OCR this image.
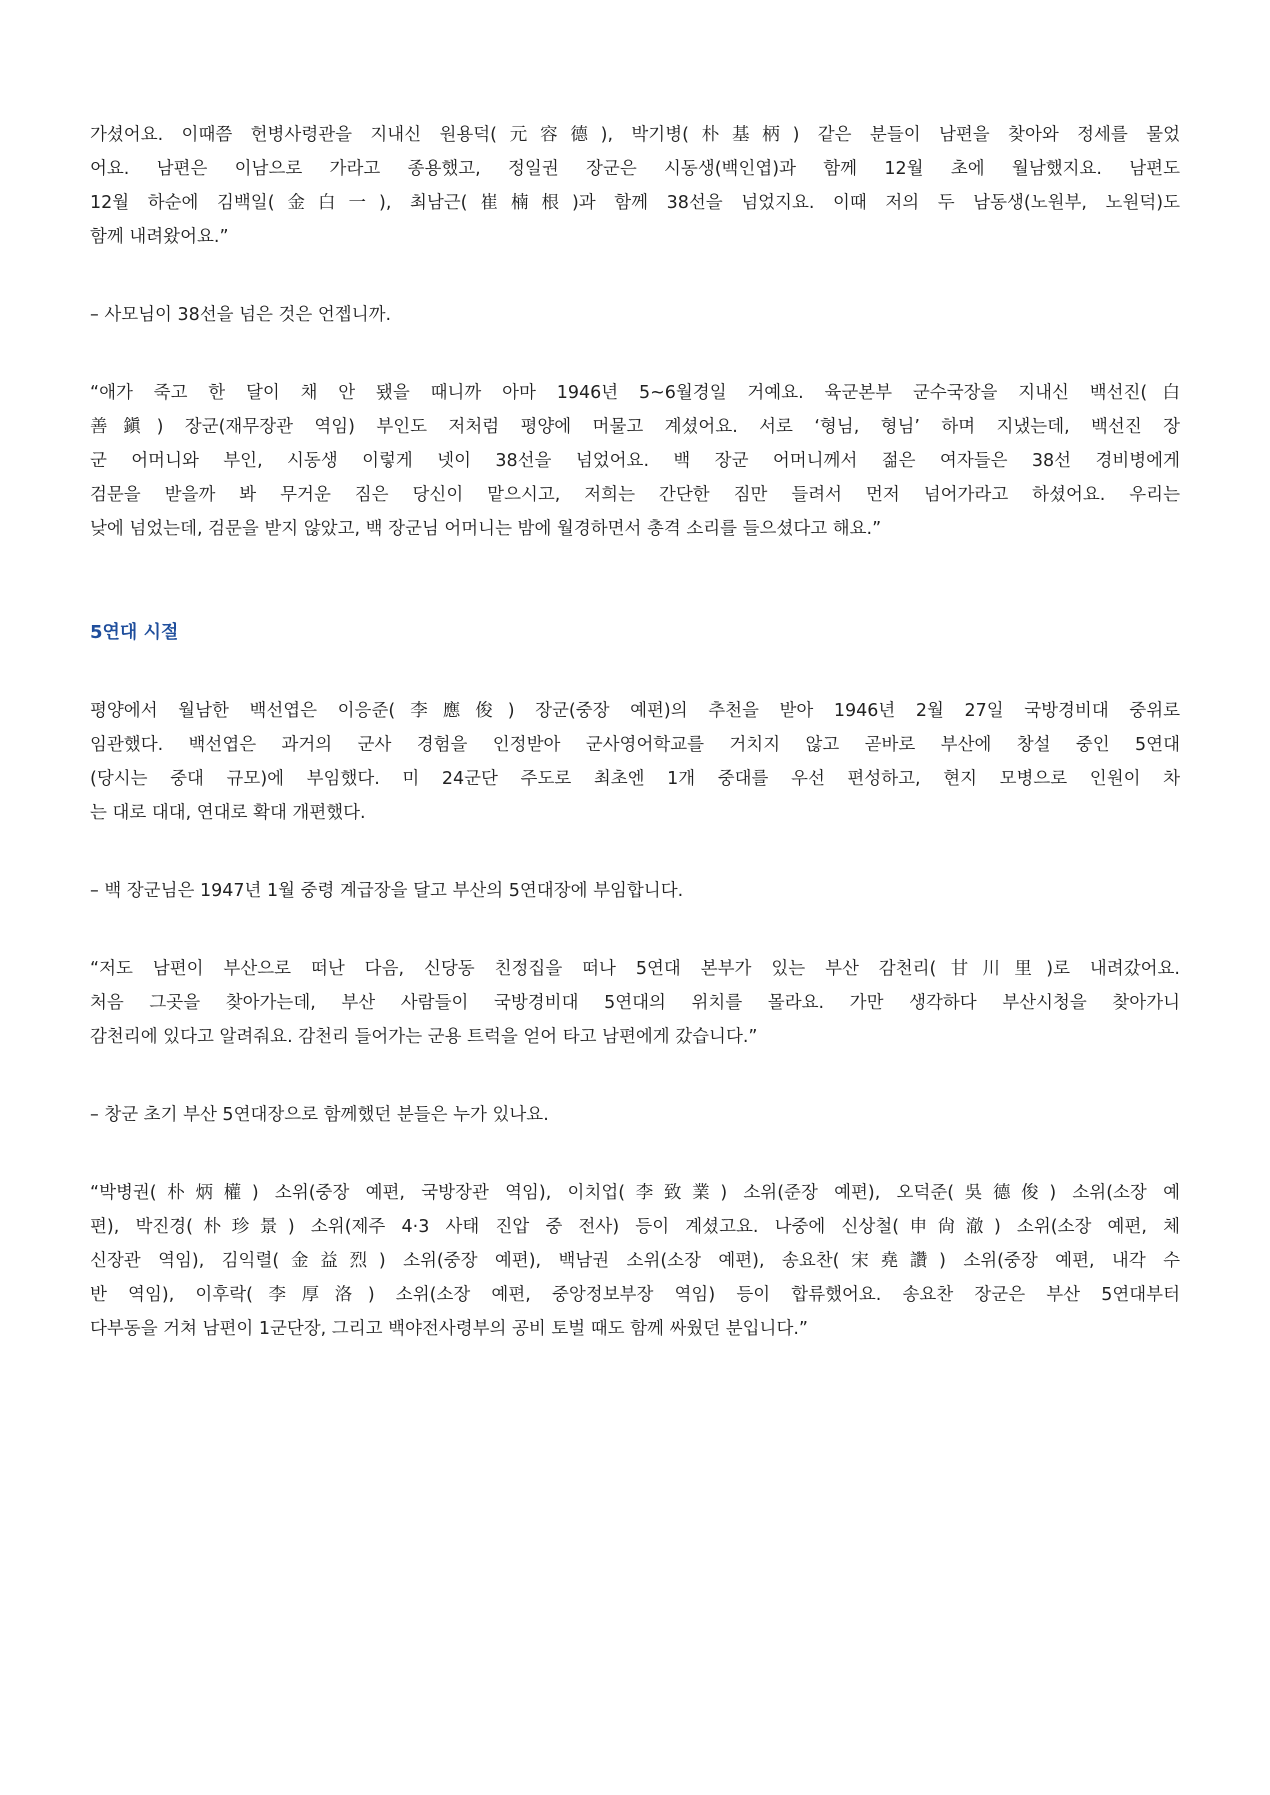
가셨어요. 이때쯤 헌병사령관을 지내신 원용덕(元容德), 박기병(朴基柄) 같은 분들이 남편을 찾아와 정세를 물었
어요. 남편은 이남으로 가라고 종용했고, 정일권 장군은 시동생(백인엽)과 함께 12월 초에 월남했지요. 남편도
12월 하순에 김백일(金白一), 최남근(崔楠根)과 함께 38선을 넘었지요. 이때 저의 두 남동생(노원부, 노원덕)도
함께 내려왔어요.”

– 사모님이 38선을 넘은 것은 언젭니까.

“애가 죽고 한 달이 채 안 됐을 때니까 아마 1946년 5~6월경일 거예요. 육군본부 군수국장을 지내신 백선진(白
善鎭) 장군(재무장관 역임) 부인도 저처럼 평양에 머물고 계셨어요. 서로 ‘형님, 형님’ 하며 지냈는데, 백선진 장
군 어머니와 부인, 시동생 이렇게 넷이 38선을 넘었어요. 백 장군 어머니께서 젊은 여자들은 38선 경비병에게
검문을 받을까 봐 무거운 짐은 당신이 맡으시고, 저희는 간단한 짐만 들려서 먼저 넘어가라고 하셨어요. 우리는
낮에 넘었는데, 검문을 받지 않았고, 백 장군님 어머니는 밤에 월경하면서 총격 소리를 들으셨다고 해요.”

5연대 시절

평양에서 월남한 백선엽은 이응준(李應俊) 장군(중장 예편)의 추천을 받아 1946년 2월 27일 국방경비대 중위로
임관했다. 백선엽은 과거의 군사 경험을 인정받아 군사영어학교를 거치지 않고 곧바로 부산에 창설 중인 5연대
(당시는 중대 규모)에 부임했다. 미 24군단 주도로 최초엔 1개 중대를 우선 편성하고, 현지 모병으로 인원이 차
는 대로 대대, 연대로 확대 개편했다.

– 백 장군님은 1947년 1월 중령 계급장을 달고 부산의 5연대장에 부임합니다.

“저도 남편이 부산으로 떠난 다음, 신당동 친정집을 떠나 5연대 본부가 있는 부산 감천리(甘川里)로 내려갔어요.
처음 그곳을 찾아가는데, 부산 사람들이 국방경비대 5연대의 위치를 몰라요. 가만 생각하다 부산시청을 찾아가니
감천리에 있다고 알려줘요. 감천리 들어가는 군용 트럭을 얻어 타고 남편에게 갔습니다.”

– 창군 초기 부산 5연대장으로 함께했던 분들은 누가 있나요.

“박병권(朴炳權) 소위(중장 예편, 국방장관 역임), 이치업(李致業) 소위(준장 예편), 오덕준(吳德俊) 소위(소장 예
편), 박진경(朴珍景) 소위(제주 4·3 사태 진압 중 전사) 등이 계셨고요. 나중에 신상철(申尙澈) 소위(소장 예편, 체
신장관 역임), 김익렬(金益烈) 소위(중장 예편), 백남권 소위(소장 예편), 송요찬(宋堯讚) 소위(중장 예편, 내각 수
반 역임), 이후락(李厚洛) 소위(소장 예편, 중앙정보부장 역임) 등이 합류했어요. 송요찬 장군은 부산 5연대부터
다부동을 거쳐 남편이 1군단장, 그리고 백야전사령부의 공비 토벌 때도 함께 싸웠던 분입니다.”
